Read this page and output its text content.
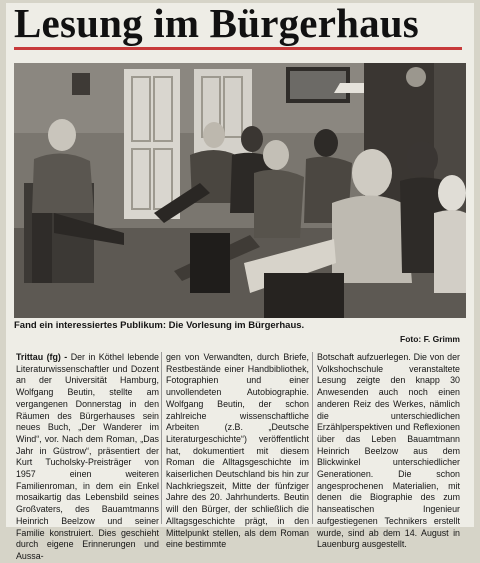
Lesung im Bürgerhaus
Fand ein interessiertes Publikum: Die Vorlesung im Bürgerhaus.
Foto: F. Grimm
Trittau (fg) - Der in Köthel lebende Literaturwissenschaftler und Dozent an der Universität Hamburg, Wolfgang Beutin, stellte am vergangenen Donnerstag in den Räumen des Bürgerhauses sein neues Buch, „Der Wanderer im Wind“, vor. Nach dem Roman, „Das Jahr in Güstrow“, präsentiert der Kurt Tucholsky-Preisträger von 1957 einen weiteren Familienroman, in dem ein Enkel mosaikartig das Lebensbild seines Großvaters, des Bauamtmanns Heinrich Beelzow und seiner Familie konstruiert. Dies geschieht durch eigene Erinnerungen und Aussa-
gen von Verwandten, durch Briefe, Restbestände einer Handbibliothek, Fotographien und einer unvollendeten Autobiographie. Wolfgang Beutin, der schon zahlreiche wissenschaftliche Arbeiten (z.B. „Deutsche Literaturgeschichte“) veröffentlicht hat, dokumentiert mit diesem Roman die Alltagsgeschichte im kaiserlichen Deutschland bis hin zur Nachkriegszeit, Mitte der fünfziger Jahre des 20. Jahrhunderts. Beutin will den Bürger, der schließlich die Alltagsgeschichte prägt, in den Mittelpunkt stellen, als dem Roman eine bestimmte
Botschaft aufzuerlegen. Die von der Volkshochschule veranstaltete Lesung zeigte den knapp 30 Anwesenden auch noch einen anderen Reiz des Werkes, nämlich die unterschiedlichen Erzählperspektiven und Reflexionen über das Leben Bauamtmann Heinrich Beelzow aus dem Blickwinkel unterschiedlicher Generationen. Die schon angesprochenen Materialien, mit denen die Biographie des zum hanseatischen Ingenieur aufgestiegenen Technikers erstellt wurde, sind ab dem 14. August in Lauenburg ausgestellt.
